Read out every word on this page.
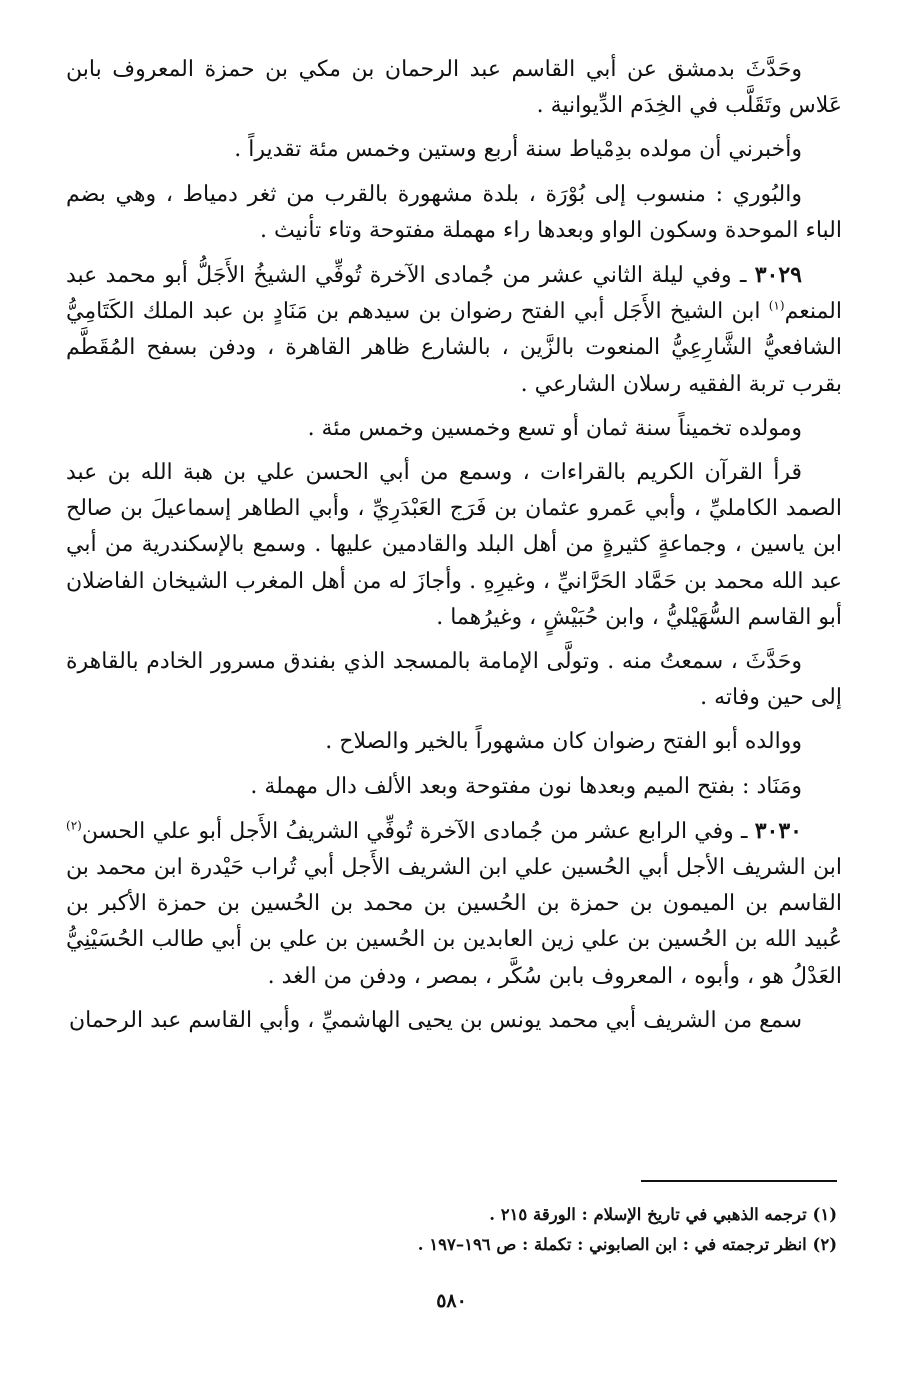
وحَدَّثَ بدمشق عن أبي القاسم عبد الرحمان بن مكي بن حمزة المعروف بابن عَلاس وتَقَلَّب في الخِدَم الدِّيوانية .

وأخبرني أن مولده بدِمْياط سنة أربع وستين وخمس مئة تقديراً .

والبُوري : منسوب إلى بُوْرَة ، بلدة مشهورة بالقرب من ثغر دمياط ، وهي بضم الباء الموحدة وسكون الواو وبعدها راء مهملة مفتوحة وتاء تأنيث .

٣٠٢٩ ـ وفي ليلة الثاني عشر من جُمادى الآخرة تُوفِّي الشيخُ الأَجَلُّ أبو محمد عبد المنعم$^{(١)}$ ابن الشيخ الأَجَل أبي الفتح رضوان بن سيدهم بن مَنَادٍ بن عبد الملك الكَتَامِيُّ الشافعيُّ الشَّارِعِيُّ المنعوت بالزَّين ، بالشارع ظاهر القاهرة ، ودفن بسفح المُقَطَّم بقرب تربة الفقيه رسلان الشارعي .

ومولده تخميناً سنة ثمان أو تسع وخمسين وخمس مئة .

قرأ القرآن الكريم بالقراءات ، وسمع من أبي الحسن علي بن هبة الله بن عبد الصمد الكامليِّ ، وأبي عَمرو عثمان بن فَرَج العَبْدَرِيِّ ، وأبي الطاهر إسماعيلَ بن صالح ابن ياسين ، وجماعةٍ كثيرةٍ من أهل البلد والقادمين عليها . وسمع بالإسكندرية من أبي عبد الله محمد بن حَمَّاد الحَرَّانيِّ ، وغيرِهِ . وأجازَ له من أهل المغرب الشيخان الفاضلان أبو القاسم السُّهَيْليُّ ، وابن حُبَيْشٍ ، وغيرُهما .

وحَدَّثَ ، سمعتُ منه . وتولَّى الإمامة بالمسجد الذي بفندق مسرور الخادم بالقاهرة إلى حين وفاته .

ووالده أبو الفتح رضوان كان مشهوراً بالخير والصلاح .

ومَنَاد : بفتح الميم وبعدها نون مفتوحة وبعد الألف دال مهملة .

٣٠٣٠ ـ وفي الرابع عشر من جُمادى الآخرة تُوفِّي الشريفُ الأَجل أبو علي الحسن$^{(٢)}$ ابن الشريف الأجل أبي الحُسين علي ابن الشريف الأَجل أبي تُراب حَيْدرة ابن محمد بن القاسم بن الميمون بن حمزة بن الحُسين بن محمد بن الحُسين بن حمزة الأكبر بن عُبيد الله بن الحُسين بن علي زين العابدين بن الحُسين بن علي بن أبي طالب الحُسَيْنِيُّ العَدْلُ هو ، وأبوه ، المعروف بابن سُكَّر ، بمصر ، ودفن من الغد .

سمع من الشريف أبي محمد يونس بن يحيى الهاشميِّ ، وأبي القاسم عبد الرحمان

(١) ترجمه الذهبي في تاريخ الإسلام : الورقة ٢١٥ .
(٢) انظر ترجمته في : ابن الصابوني : تكملة : ص ١٩٦–١٩٧ .
٥٨٠
